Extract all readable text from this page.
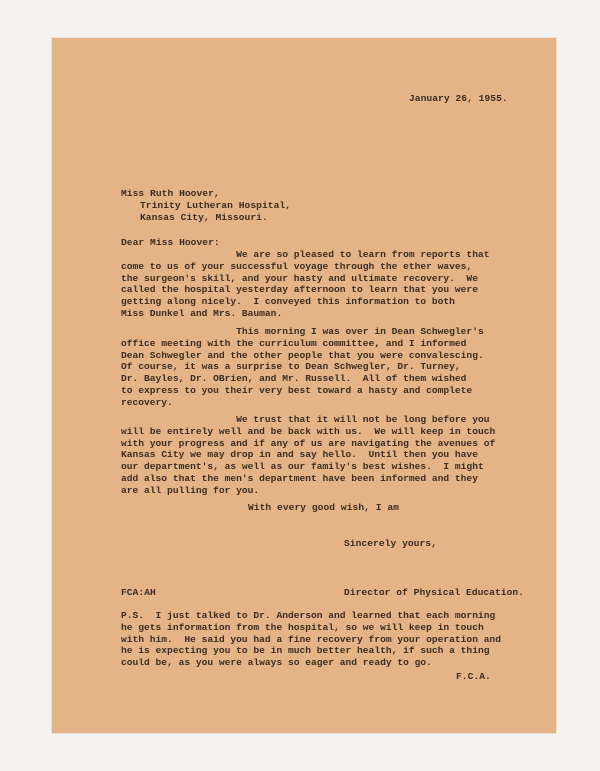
January 26, 1955.

Miss Ruth Hoover,

Trinity Lutheran Hospital,

Kansas City, Missouri.

Dear Miss Hoover:

We are so pleased to learn from reports that
come to us of your successful voyage through the ether waves,
the surgeon's skill, and your hasty and ultimate recovery.  We
called the hospital yesterday afternoon to learn that you were
getting along nicely.  I conveyed this information to both
Miss Dunkel and Mrs. Bauman.

This morning I was over in Dean Schwegler's
office meeting with the curriculum committee, and I informed
Dean Schwegler and the other people that you were convalescing.
Of course, it was a surprise to Dean Schwegler, Dr. Turney,
Dr. Bayles, Dr. OBrien, and Mr. Russell.  All of them wished
to express to you their very best toward a hasty and complete
recovery.

We trust that it will not be long before you
will be entirely well and be back with us.  We will keep in touch
with your progress and if any of us are navigating the avenues of
Kansas City we may drop in and say hello.  Until then you have
our department's, as well as our family's best wishes.  I might
add also that the men's department have been informed and they
are all pulling for you.

With every good wish, I am

Sincerely yours,

FCA:AH	Director of Physical Education.

P.S.  I just talked to Dr. Anderson and learned that each morning
he gets information from the hospital, so we will keep in touch
with him.  He said you had a fine recovery from your operation and
he is expecting you to be in much better health, if such a thing
could be, as you were always so eager and ready to go.

F.C.A.
